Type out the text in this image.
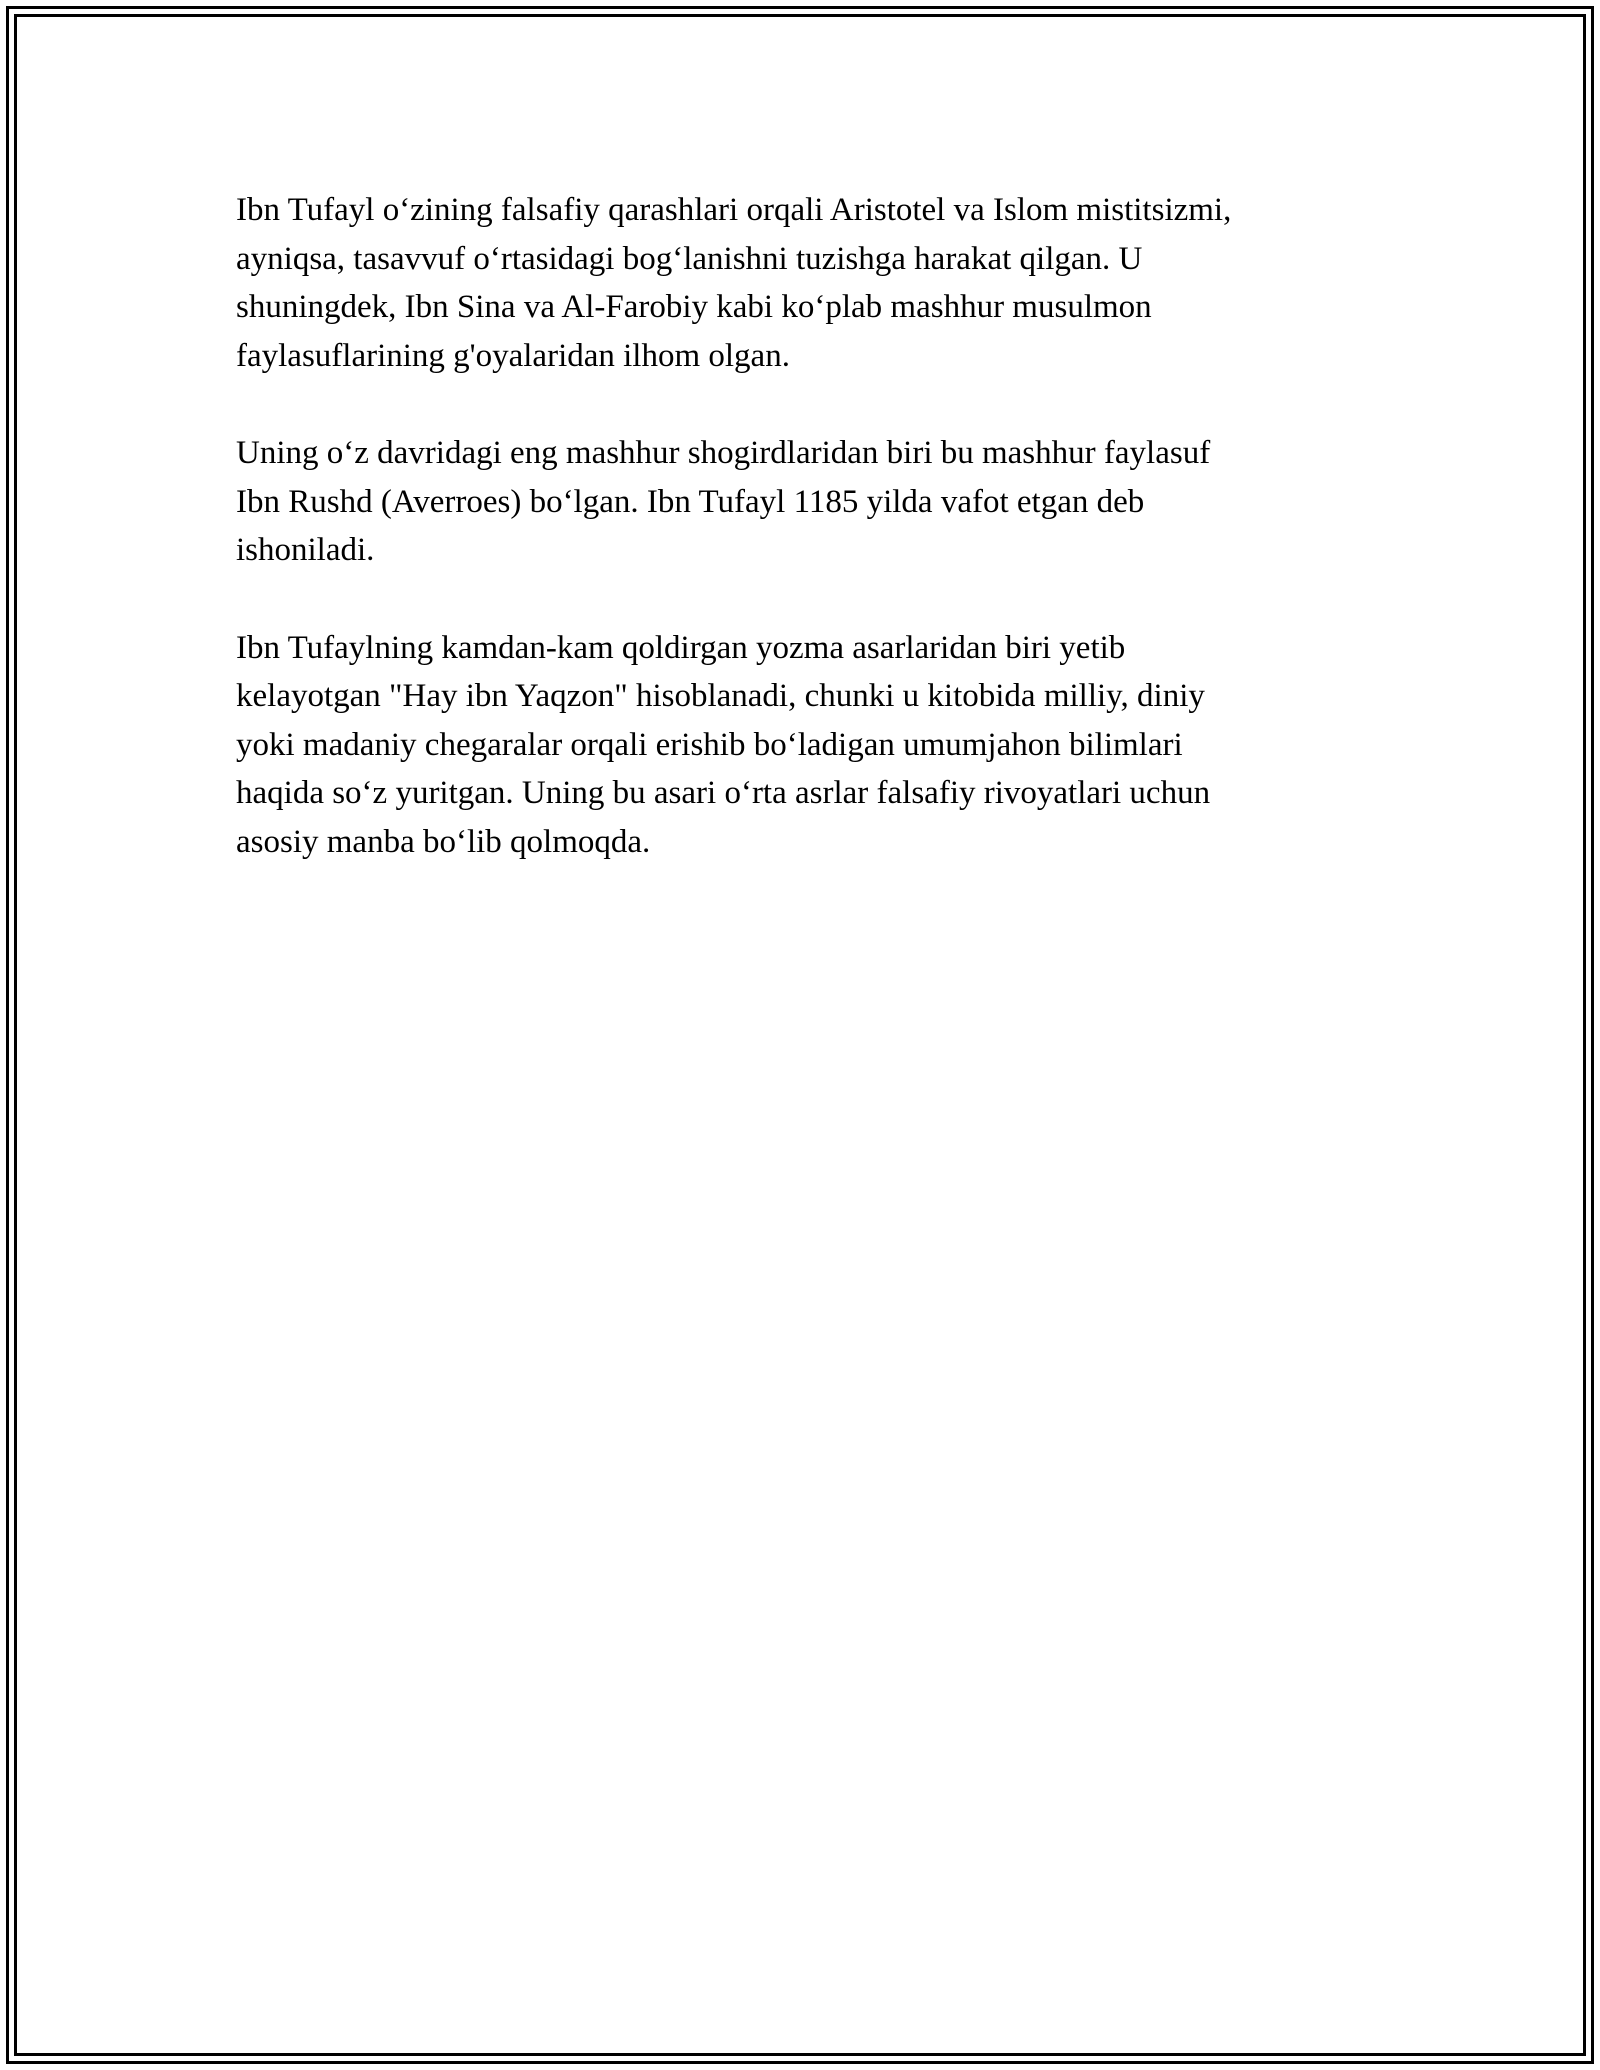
Ibn Tufayl o‘zining falsafiy qarashlari orqali Aristotel va Islom mistitsizmi,
ayniqsa, tasavvuf o‘rtasidagi bog‘lanishni tuzishga harakat qilgan. U
shuningdek, Ibn Sina va Al-Farobiy kabi ko‘plab mashhur musulmon
faylasuflarining g'oyalaridan ilhom olgan.

Uning o‘z davridagi eng mashhur shogirdlaridan biri bu mashhur faylasuf
Ibn Rushd (Averroes) bo‘lgan. Ibn Tufayl 1185 yilda vafot etgan deb
ishoniladi.

Ibn Tufaylning kamdan-kam qoldirgan yozma asarlaridan biri yetib
kelayotgan "Hay ibn Yaqzon" hisoblanadi, chunki u kitobida milliy, diniy
yoki madaniy chegaralar orqali erishib bo‘ladigan umumjahon bilimlari
haqida so‘z yuritgan. Uning bu asari o‘rta asrlar falsafiy rivoyatlari uchun
asosiy manba bo‘lib qolmoqda.
